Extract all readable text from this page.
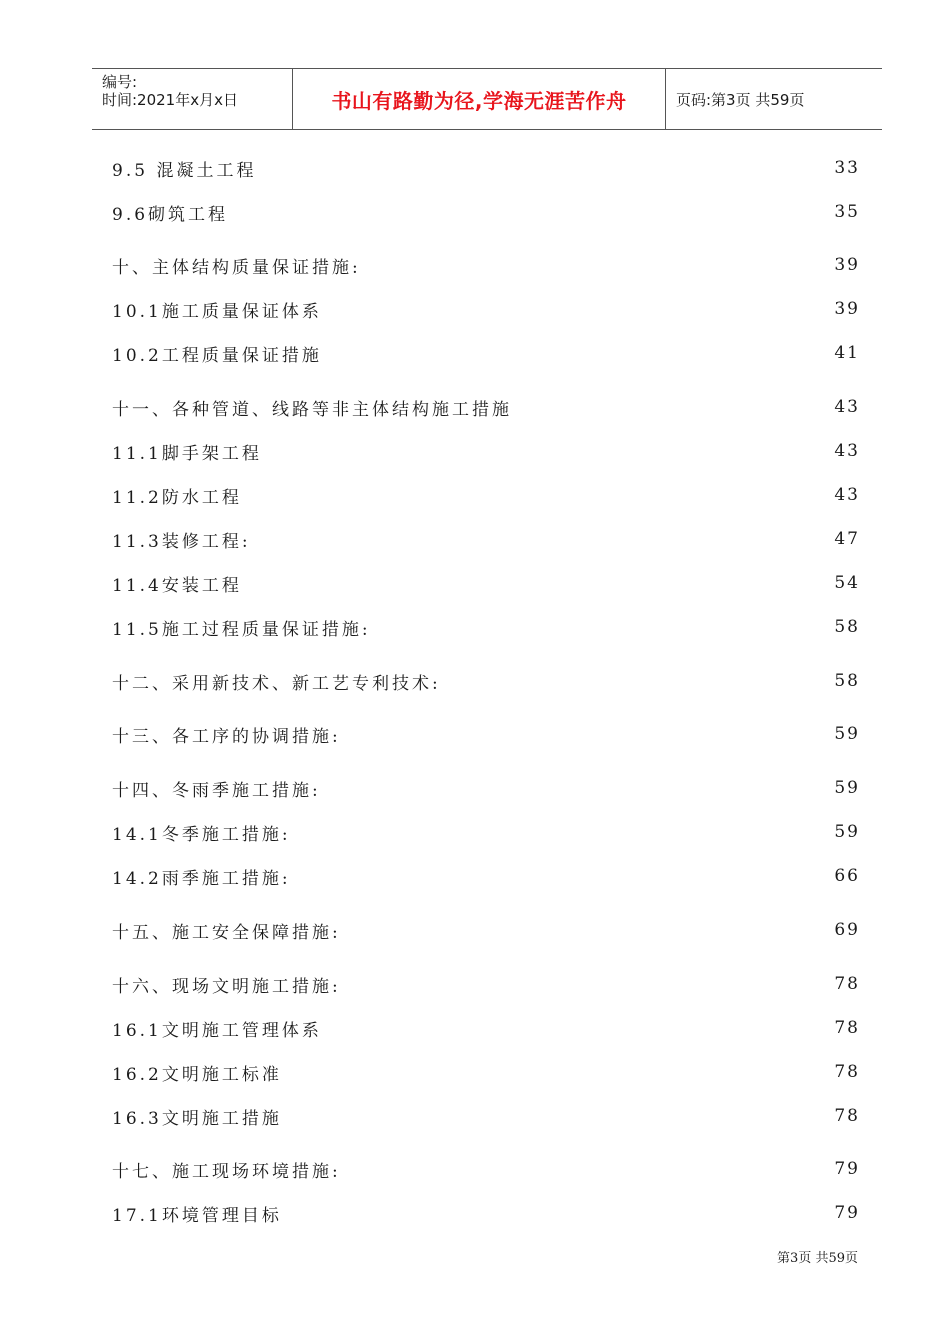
编号:
时间:2021年x月x日	书山有路勤为径,学海无涯苦作舟	页码:第3页 共59页
9.5 混凝土工程	33
9.6砌筑工程	35
十、主体结构质量保证措施:	39
10.1施工质量保证体系	39
10.2工程质量保证措施	41
十一、各种管道、线路等非主体结构施工措施	43
11.1脚手架工程	43
11.2防水工程	43
11.3装修工程:	47
11.4安装工程	54
11.5施工过程质量保证措施:	58
十二、采用新技术、新工艺专利技术:	58
十三、各工序的协调措施:	59
十四、冬雨季施工措施:	59
14.1冬季施工措施:	59
14.2雨季施工措施:	66
十五、施工安全保障措施:	69
十六、现场文明施工措施:	78
16.1文明施工管理体系	78
16.2文明施工标准	78
16.3文明施工措施	78
十七、施工现场环境措施:	79
17.1环境管理目标	79
第3页 共59页
